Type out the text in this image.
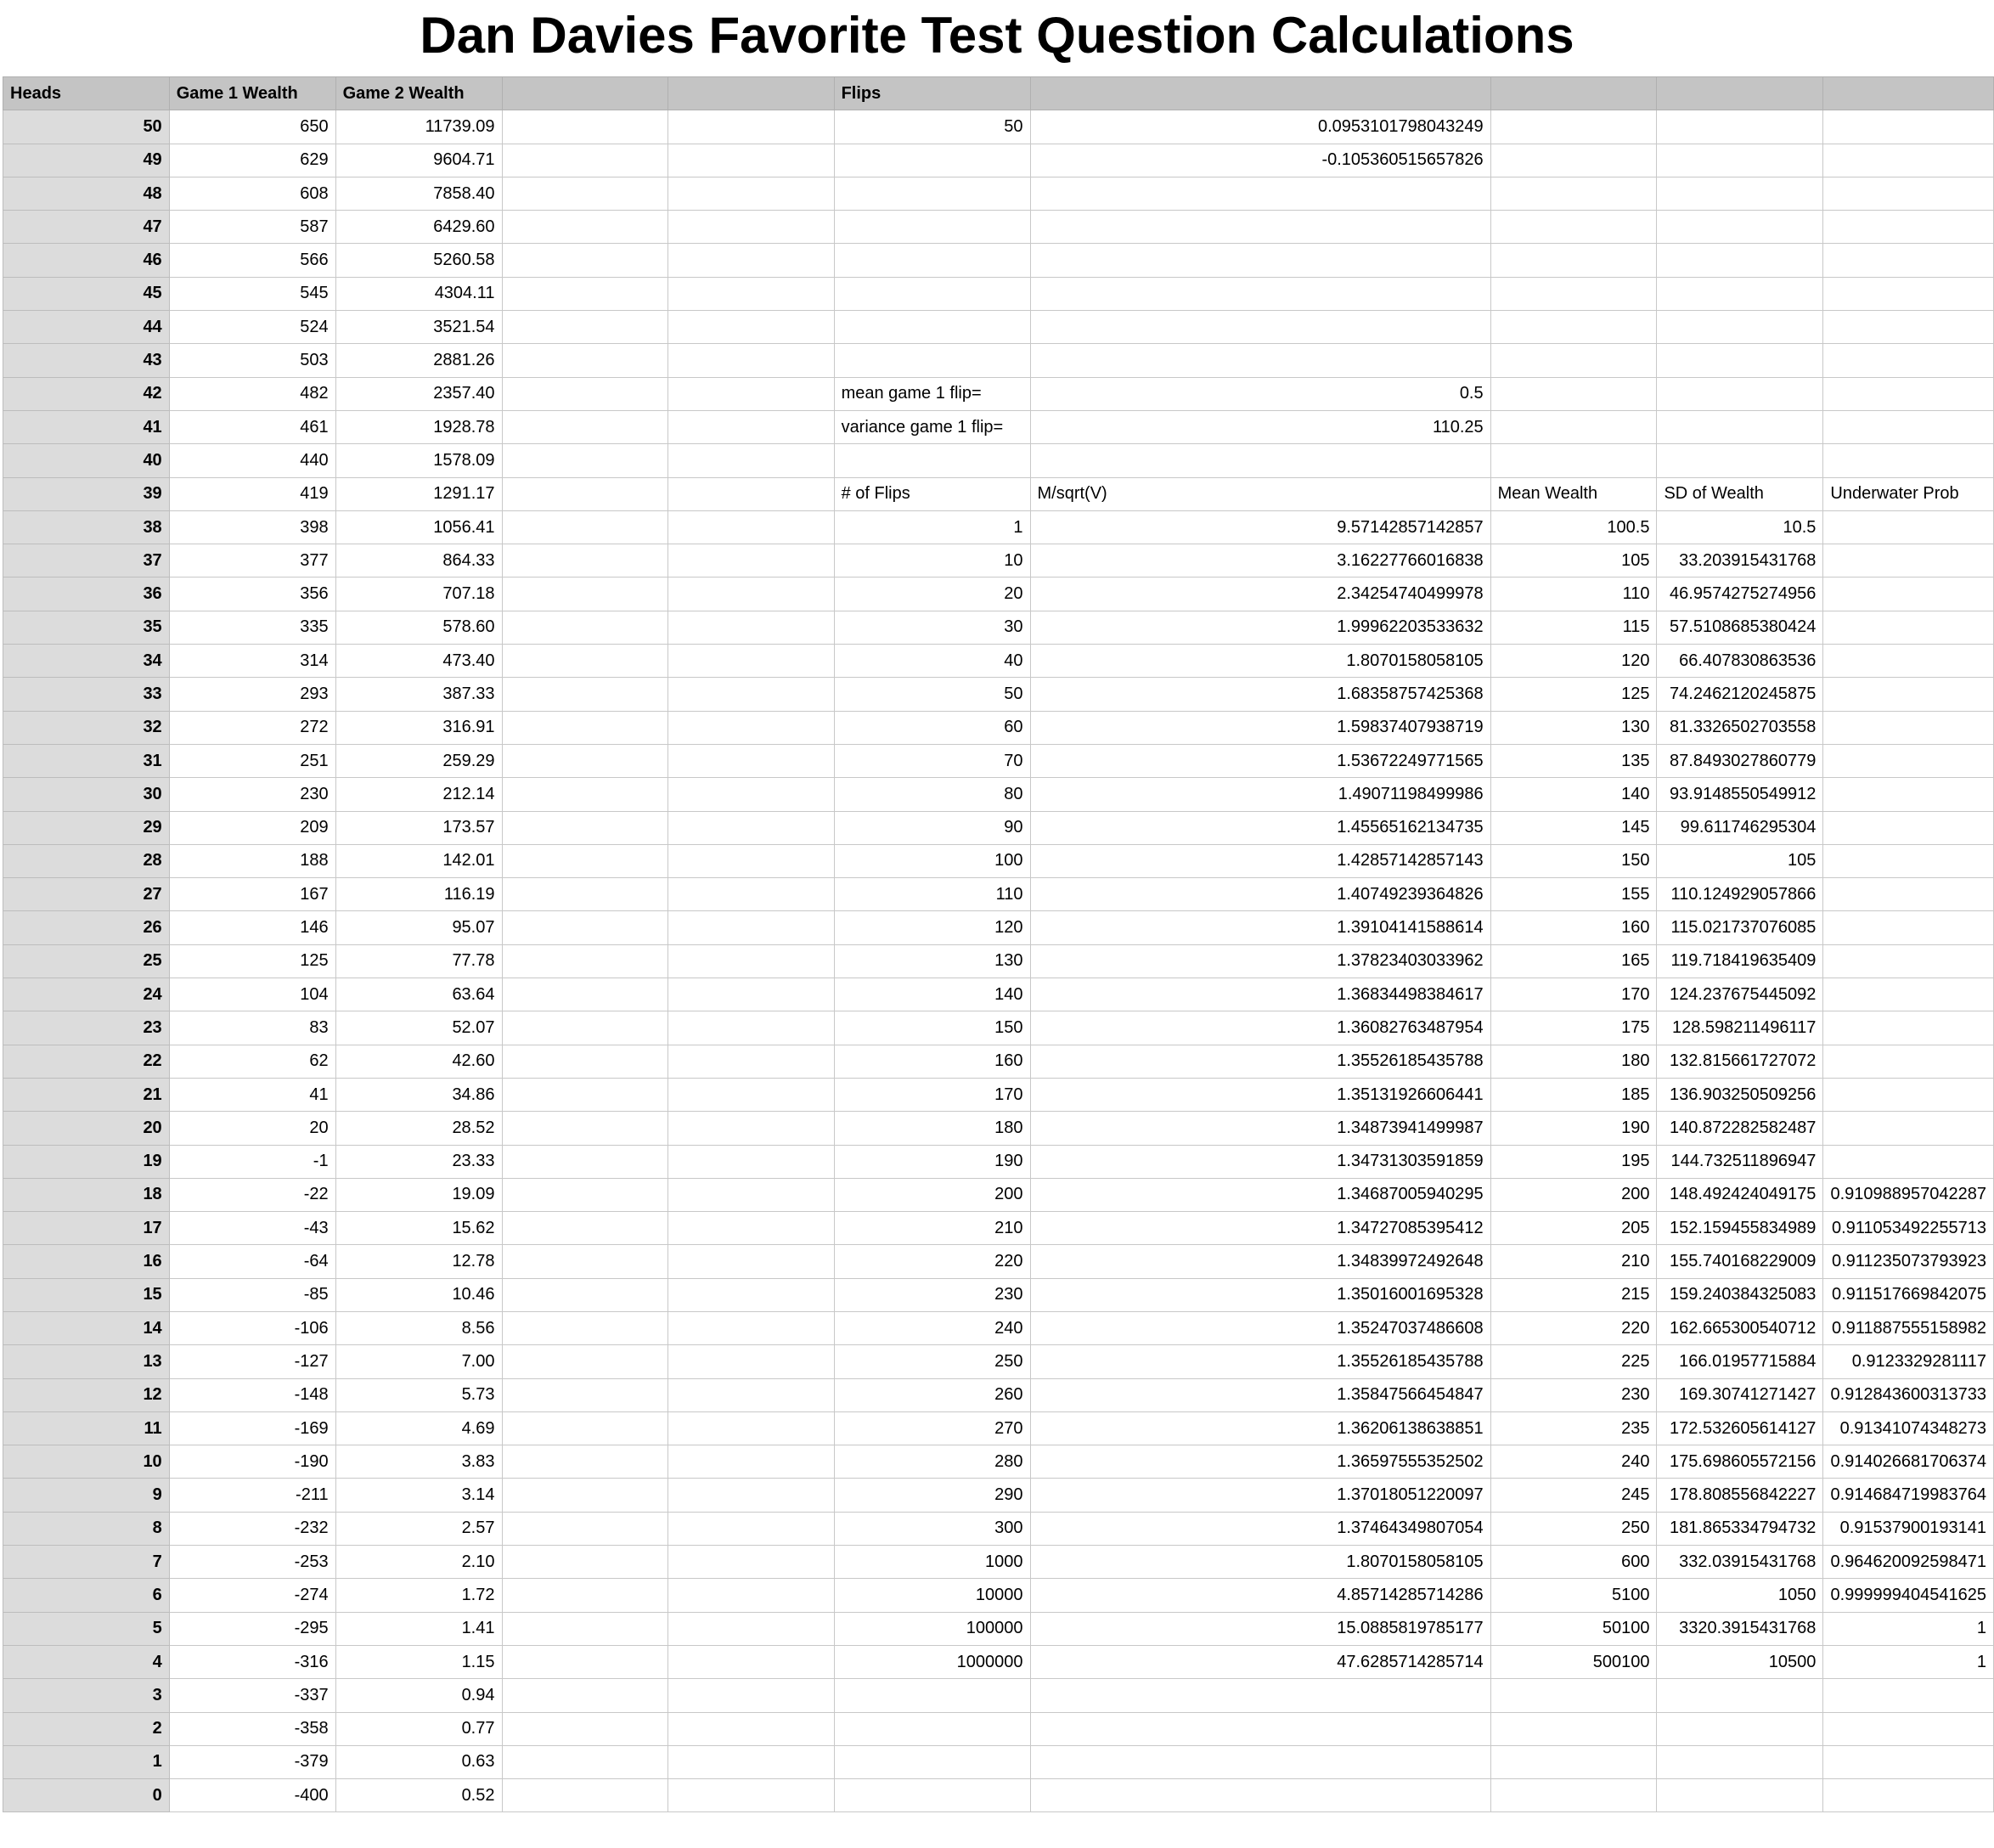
Dan Davies Favorite Test Question Calculations
Heads	Game 1 Wealth	Game 2 Wealth			Flips				
50	650	11739.09			50	0.0953101798043249			
49	629	9604.71				-0.105360515657826			
48	608	7858.40							
47	587	6429.60							
46	566	5260.58							
45	545	4304.11							
44	524	3521.54							
43	503	2881.26							
42	482	2357.40			mean game 1 flip=	0.5			
41	461	1928.78			variance game 1 flip=	110.25			
40	440	1578.09							
39	419	1291.17			# of Flips	M/sqrt(V)	Mean Wealth	SD of Wealth	Underwater Prob
38	398	1056.41			1	9.57142857142857	100.5	10.5	
37	377	864.33			10	3.16227766016838	105	33.203915431768	
36	356	707.18			20	2.34254740499978	110	46.9574275274956	
35	335	578.60			30	1.99962203533632	115	57.5108685380424	
34	314	473.40			40	1.8070158058105	120	66.407830863536	
33	293	387.33			50	1.68358757425368	125	74.2462120245875	
32	272	316.91			60	1.59837407938719	130	81.3326502703558	
31	251	259.29			70	1.53672249771565	135	87.8493027860779	
30	230	212.14			80	1.49071198499986	140	93.9148550549912	
29	209	173.57			90	1.45565162134735	145	99.611746295304	
28	188	142.01			100	1.42857142857143	150	105	
27	167	116.19			110	1.40749239364826	155	110.124929057866	
26	146	95.07			120	1.39104141588614	160	115.021737076085	
25	125	77.78			130	1.37823403033962	165	119.718419635409	
24	104	63.64			140	1.36834498384617	170	124.237675445092	
23	83	52.07			150	1.36082763487954	175	128.598211496117	
22	62	42.60			160	1.35526185435788	180	132.815661727072	
21	41	34.86			170	1.35131926606441	185	136.903250509256	
20	20	28.52			180	1.34873941499987	190	140.872282582487	
19	-1	23.33			190	1.34731303591859	195	144.732511896947	
18	-22	19.09			200	1.34687005940295	200	148.492424049175	0.910988957042287
17	-43	15.62			210	1.34727085395412	205	152.159455834989	0.911053492255713
16	-64	12.78			220	1.34839972492648	210	155.740168229009	0.911235073793923
15	-85	10.46			230	1.35016001695328	215	159.240384325083	0.911517669842075
14	-106	8.56			240	1.35247037486608	220	162.665300540712	0.911887555158982
13	-127	7.00			250	1.35526185435788	225	166.01957715884	0.9123329281117
12	-148	5.73			260	1.35847566454847	230	169.30741271427	0.912843600313733
11	-169	4.69			270	1.36206138638851	235	172.532605614127	0.91341074348273
10	-190	3.83			280	1.36597555352502	240	175.698605572156	0.914026681706374
9	-211	3.14			290	1.37018051220097	245	178.808556842227	0.914684719983764
8	-232	2.57			300	1.37464349807054	250	181.865334794732	0.91537900193141
7	-253	2.10			1000	1.8070158058105	600	332.03915431768	0.964620092598471
6	-274	1.72			10000	4.85714285714286	5100	1050	0.999999404541625
5	-295	1.41			100000	15.0885819785177	50100	3320.3915431768	1
4	-316	1.15			1000000	47.6285714285714	500100	10500	1
3	-337	0.94							
2	-358	0.77							
1	-379	0.63							
0	-400	0.52							
